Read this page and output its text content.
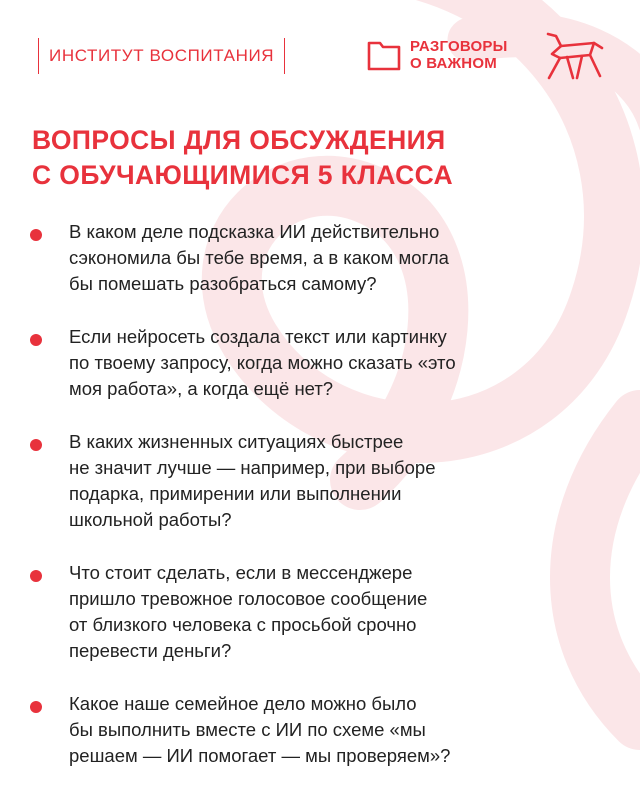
ИНСТИТУТ ВОСПИТАНИЯ	РАЗГОВОРЫ
О ВАЖНОМ
ВОПРОСЫ ДЛЯ ОБСУЖДЕНИЯ
С ОБУЧАЮЩИМИСЯ 5 КЛАССА
В каком деле подсказка ИИ действительно
сэкономила бы тебе время, а в каком могла
бы помешать разобраться самому?
Если нейросеть создала текст или картинку
по твоему запросу, когда можно сказать «это
моя работа», а когда ещё нет?
В каких жизненных ситуациях быстрее
не значит лучше — например, при выборе
подарка, примирении или выполнении
школьной работы?
Что стоит сделать, если в мессенджере
пришло тревожное голосовое сообщение
от близкого человека с просьбой срочно
перевести деньги?
Какое наше семейное дело можно было
бы выполнить вместе с ИИ по схеме «мы
решаем — ИИ помогает — мы проверяем»?
